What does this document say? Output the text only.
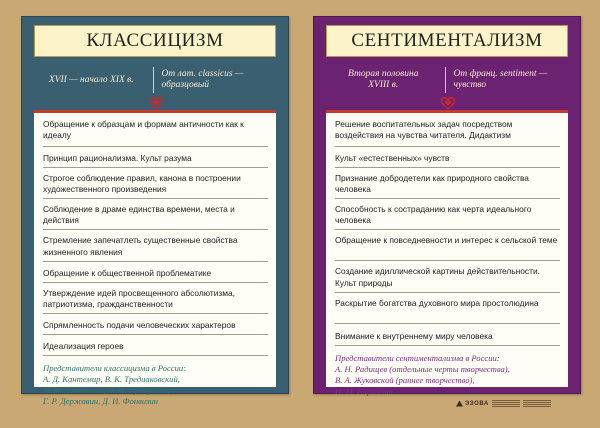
КЛАССИЦИЗМ
XVII — начало XIX в.
От лат. classicus —
образцовый
Обращение к образцам и формам античности как к идеалу
Принцип рационализма. Культ разума
Строгое соблюдение правил, канона в построении художественного произведения
Соблюдение в драме единства времени, места и действия
Стремление запечатлеть существенные свойства жизненного явления
Обращение к общественной проблематике
Утверждение идей просвещенного абсолютизма, патриотизма, гражданственности
Спрямленность подачи человеческих характеров
Идеализация героев
Представители классицизма в России:
А. Д. Кантемир, В. К. Тредиаковский,
М. В. Ломоносов, В. П. Сумароков,
Г. Р. Державин, Д. И. Фонвизин
СЕНТИМЕНТАЛИЗМ
Вторая половина
XVIII в.
От франц. sentiment —
чувство
Решение воспитательных задач посредством воздействия на чувства читателя. Дидактизм
Культ «естественных» чувств
Признание добродетели как природного свойства человека
Способность к состраданию как черта идеального человека
Обращение к повседневности и интерес к сельской теме
Создание идиллической картины действительности. Культ природы
Раскрытие богатства духовного мира простолюдина
Внимание к внутреннему миру человека
Представители сентиментализма в России:
А. Н. Радищев (отдельные черты творчества),
В. А. Жуковский (раннее творчество),
Н. М. Карамзин
ЭЗОВА
